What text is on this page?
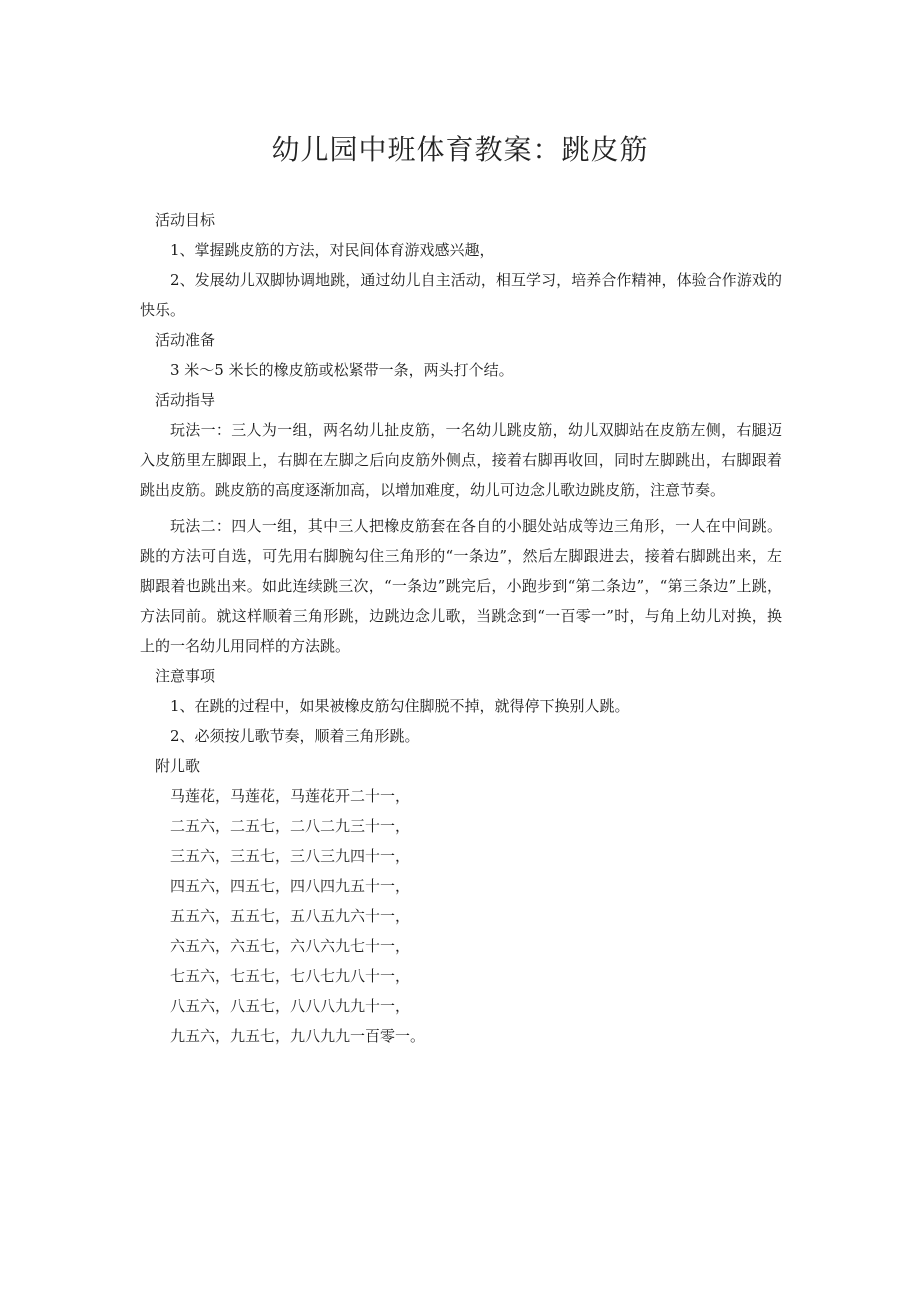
幼儿园中班体育教案：跳皮筋

活动目标

1、掌握跳皮筋的方法，对民间体育游戏感兴趣，

2、发展幼儿双脚协调地跳，通过幼儿自主活动，相互学习，培养合作精神，体验合作游戏的快乐。

活动准备

3 米～5 米长的橡皮筋或松紧带一条，两头打个结。

活动指导

玩法一：三人为一组，两名幼儿扯皮筋，一名幼儿跳皮筋，幼儿双脚站在皮筋左侧，右腿迈入皮筋里左脚跟上，右脚在左脚之后向皮筋外侧点，接着右脚再收回，同时左脚跳出，右脚跟着跳出皮筋。跳皮筋的高度逐渐加高，以增加难度，幼儿可边念儿歌边跳皮筋，注意节奏。

玩法二：四人一组，其中三人把橡皮筋套在各自的小腿处站成等边三角形，一人在中间跳。跳的方法可自选，可先用右脚腕勾住三角形的“一条边”，然后左脚跟进去，接着右脚跳出来，左脚跟着也跳出来。如此连续跳三次，“一条边”跳完后，小跑步到“第二条边”，“第三条边”上跳，方法同前。就这样顺着三角形跳，边跳边念儿歌，当跳念到“一百零一”时，与角上幼儿对换，换上的一名幼儿用同样的方法跳。

注意事项

1、在跳的过程中，如果被橡皮筋勾住脚脱不掉，就得停下换别人跳。

2、必须按儿歌节奏，顺着三角形跳。

附儿歌

马莲花，马莲花，马莲花开二十一，

二五六，二五七，二八二九三十一，

三五六，三五七，三八三九四十一，

四五六，四五七，四八四九五十一，

五五六，五五七，五八五九六十一，

六五六，六五七，六八六九七十一，

七五六，七五七，七八七九八十一，

八五六，八五七，八八八九九十一，

九五六，九五七，九八九九一百零一。
